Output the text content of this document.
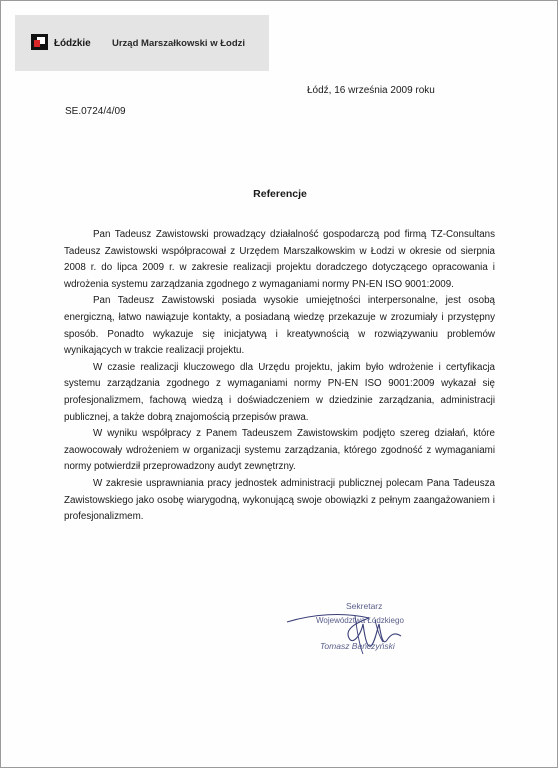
Łódzkie Urząd Marszałkowski w Łodzi
Łódź, 16 września 2009 roku
SE.0724/4/09
Referencje

Pan Tadeusz Zawistowski prowadzący działalność gospodarczą pod firmą TZ-Consultans Tadeusz Zawistowski współpracował z Urzędem Marszałkowskim w Łodzi w okresie od sierpnia 2008 r. do lipca 2009 r. w zakresie realizacji projektu doradczego dotyczącego opracowania i wdrożenia systemu zarządzania zgodnego z wymaganiami normy PN-EN ISO 9001:2009.

Pan Tadeusz Zawistowski posiada wysokie umiejętności interpersonalne, jest osobą energiczną, łatwo nawiązuje kontakty, a posiadaną wiedzę przekazuje w zrozumiały i przystępny sposób. Ponadto wykazuje się inicjatywą i kreatywnością w rozwiązywaniu problemów wynikających w trakcie realizacji projektu.

W czasie realizacji kluczowego dla Urzędu projektu, jakim było wdrożenie i certyfikacja systemu zarządzania zgodnego z wymaganiami normy PN-EN ISO 9001:2009 wykazał się profesjonalizmem, fachową wiedzą i doświadczeniem w dziedzinie zarządzania, administracji publicznej, a także dobrą znajomością przepisów prawa.

W wyniku współpracy z Panem Tadeuszem Zawistowskim podjęto szereg działań, które zaowocowały wdrożeniem w organizacji systemu zarządzania, którego zgodność z wymaganiami normy potwierdził przeprowadzony audyt zewnętrzny.

W zakresie usprawniania pracy jednostek administracji publicznej polecam Pana Tadeusza Zawistowskiego jako osobę wiarygodną, wykonującą swoje obowiązki z pełnym zaangażowaniem i profesjonalizmem.

Sekretarz
Województwa Łódzkiego
Tomasz Bańczyński
